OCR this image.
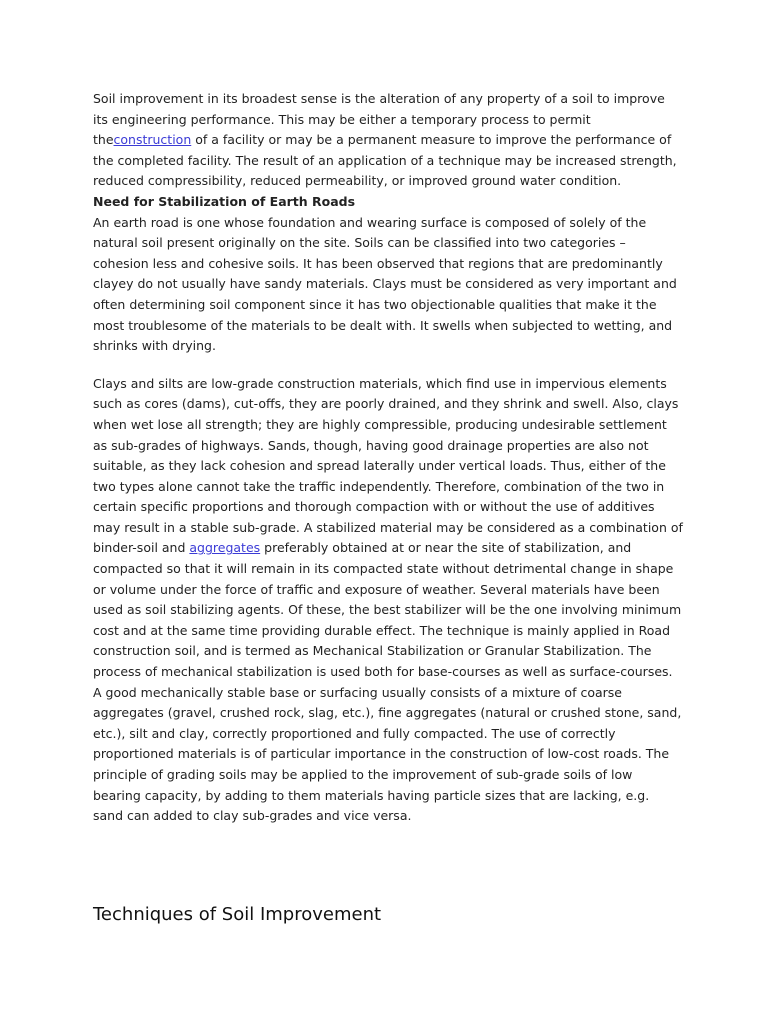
Soil improvement in its broadest sense is the alteration of any property of a soil to improve its engineering performance. This may be either a temporary process to permit theconstruction of a facility or may be a permanent measure to improve the performance of the completed facility. The result of an application of a technique may be increased strength, reduced compressibility, reduced permeability, or improved ground water condition.

Need for Stabilization of Earth Roads

An earth road is one whose foundation and wearing surface is composed of solely of the natural soil present originally on the site. Soils can be classified into two categories – cohesion less and cohesive soils. It has been observed that regions that are predominantly clayey do not usually have sandy materials. Clays must be considered as very important and often determining soil component since it has two objectionable qualities that make it the most troublesome of the materials to be dealt with. It swells when subjected to wetting, and shrinks with drying.

Clays and silts are low-grade construction materials, which find use in impervious elements such as cores (dams), cut-offs, they are poorly drained, and they shrink and swell. Also, clays when wet lose all strength; they are highly compressible, producing undesirable settlement as sub-grades of highways. Sands, though, having good drainage properties are also not suitable, as they lack cohesion and spread laterally under vertical loads. Thus, either of the two types alone cannot take the traffic independently. Therefore, combination of the two in certain specific proportions and thorough compaction with or without the use of additives may result in a stable sub-grade. A stabilized material may be considered as a combination of binder-soil and aggregates preferably obtained at or near the site of stabilization, and compacted so that it will remain in its compacted state without detrimental change in shape or volume under the force of traffic and exposure of weather. Several materials have been used as soil stabilizing agents. Of these, the best stabilizer will be the one involving minimum cost and at the same time providing durable effect. The technique is mainly applied in Road construction soil, and is termed as Mechanical Stabilization or Granular Stabilization. The process of mechanical stabilization is used both for base-courses as well as surface-courses. A good mechanically stable base or surfacing usually consists of a mixture of coarse aggregates (gravel, crushed rock, slag, etc.), fine aggregates (natural or crushed stone, sand, etc.), silt and clay, correctly proportioned and fully compacted. The use of correctly proportioned materials is of particular importance in the construction of low-cost roads. The principle of grading soils may be applied to the improvement of sub-grade soils of low bearing capacity, by adding to them materials having particle sizes that are lacking, e.g. sand can added to clay sub-grades and vice versa.

Techniques of Soil Improvement
